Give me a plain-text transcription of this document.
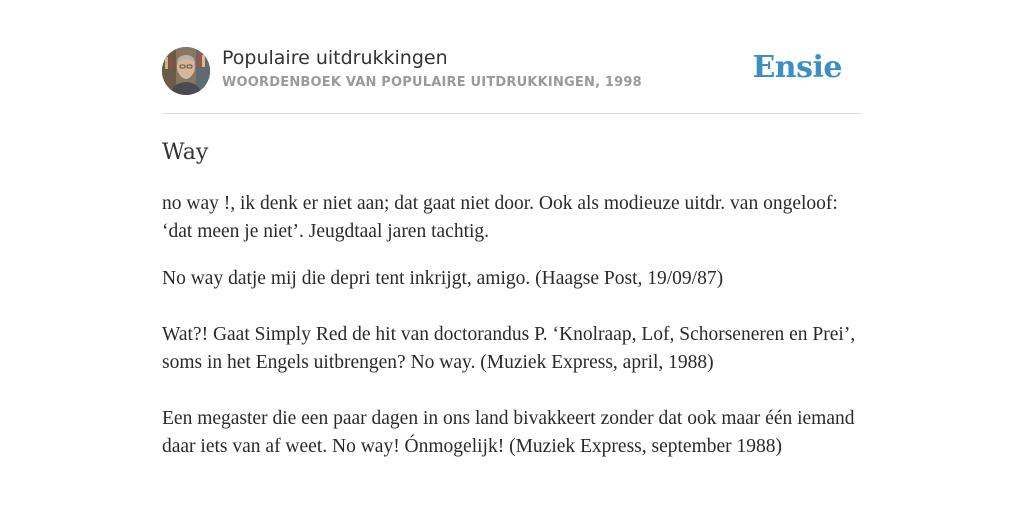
Populaire uitdrukkingen
WOORDENBOEK VAN POPULAIRE UITDRUKKINGEN, 1998	Ensie
Way
no way !, ik denk er niet aan; dat gaat niet door. Ook als modieuze uitdr. van ongeloof: ‘dat meen je niet’. Jeugdtaal jaren tachtig.
No way datje mij die depri tent inkrijgt, amigo. (Haagse Post, 19/09/87)
Wat?! Gaat Simply Red de hit van doctorandus P. ‘Knolraap, Lof, Schorseneren en Prei’, soms in het Engels uitbrengen? No way. (Muziek Express, april, 1988)
Een megaster die een paar dagen in ons land bivakkeert zonder dat ook maar één iemand daar iets van af weet. No way! Ónmogelijk! (Muziek Express, september 1988)
